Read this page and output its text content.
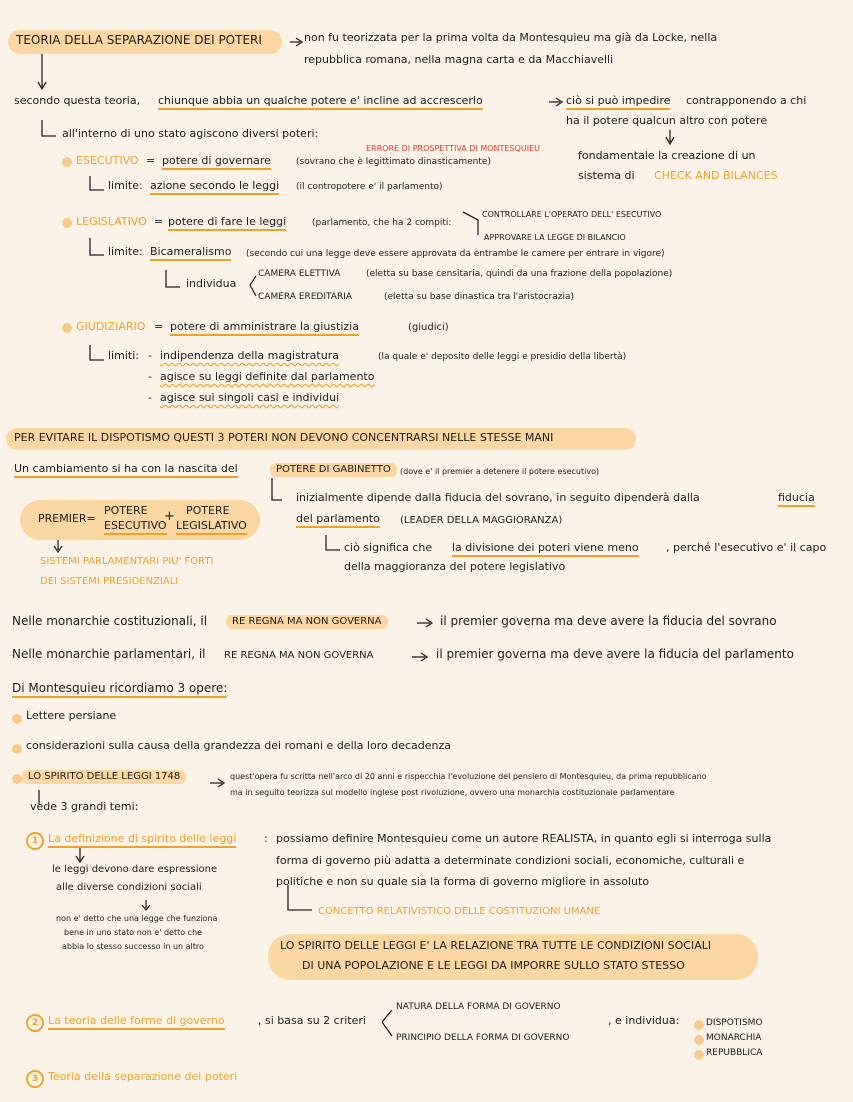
TEORIA DELLA SEPARAZIONE DEI POTERI	non fu teorizzata per la prima volta da Montesquieu ma già da Locke, nella
repubblica romana, nella magna carta e da Macchiavelli
secondo questa teoria, chiunque abbia un qualche potere e' incline ad accrescerlo	ciò si può impedire contrapponendo a chi
ha il potere qualcun altro con potere
fondamentale la creazione di un
sistema di CHECK AND BILANCES
all'interno di uno stato agiscono diversi poteri:
ERRORE DI PROSPETTIVA DI MONTESQUIEU
ESECUTIVO = potere di governare	(sovrano che è legittimato dinasticamente)
limite: azione secondo le leggi (il contropotere e' il parlamento)
LEGISLATIVO = potere di fare le leggi	(parlamento, che ha 2 compiti:
CONTROLLARE L'OPERATO DELL' ESECUTIVO
APPROVARE LA LEGGE DI BILANCIO
limite: Bicameralismo (secondo cui una legge deve essere approvata da entrambe le camere per entrare in vigore)
individua
CAMERA ELETTIVA	(eletta su base censitaria, quindi da una frazione della popolazione)
CAMERA EREDITARIA	(eletta su base dinastica tra l'aristocrazia)
GIUDIZIARIO = potere di amministrare la giustizia	(giudici)
limiti: - indipendenza della magistratura	(la quale e' deposito delle leggi e presidio della libertà)
- agisce su leggi definite dal parlamento
- agisce sui singoli casi e individui
PER EVITARE IL DISPOTISMO QUESTI 3 POTERI NON DEVONO CONCENTRARSI NELLE STESSE MANI
Un cambiamento si ha con la nascita del	POTERE DI GABINETTO	(dove e' il premier a detenere il potere esecutivo)
PREMIER=
POTERE
ESECUTIVO
+ POTERE
LEGISLATIVO
SISTEMI PARLAMENTARI PIU' FORTI
DEI SISTEMI PRESIDENZIALI
inizialmente dipende dalla fiducia del sovrano, in seguito dipenderà dalla	fiducia
del parlamento (LEADER DELLA MAGGIORANZA)
ciò significa che la divisione dei poteri viene meno , perché l'esecutivo e' il capo
della maggioranza del potere legislativo
Nelle monarchie costituzionali, il	RE REGNA MA NON GOVERNA	il premier governa ma deve avere la fiducia del sovrano
Nelle monarchie parlamentari, il RE REGNA MA NON GOVERNA	il premier governa ma deve avere la fiducia del parlamento
Di Montesquieu ricordiamo 3 opere:
Lettere persiane
considerazioni sulla causa della grandezza dei romani e della loro decadenza
LO SPIRITO DELLE LEGGI 1748	quest'opera fu scritta nell'arco di 20 anni e rispecchia l'evoluzione del pensiero di Montesquieu, da prima repubblicano
ma in seguito teorizza sul modello inglese post rivoluzione, ovvero una monarchia costituzionale parlamentare
vede 3 grandi temi:
1 La definizione di spirito delle leggi	: possiamo definire Montesquieu come un autore REALISTA, in quanto egli si interroga sulla
forma di governo più adatta a determinate condizioni sociali, economiche, culturali e
politiche e non su quale sia la forma di governo migliore in assoluto
CONCETTO RELATIVISTICO DELLE COSTITUZIONI UMANE
le leggi devono dare espressione
alle diverse condizioni sociali
non e' detto che una legge che funziona
bene in uno stato non e' detto che
abbia lo stesso successo in un altro	LO SPIRITO DELLE LEGGI E' LA RELAZIONE TRA TUTTE LE CONDIZIONI SOCIALI
DI UNA POPOLAZIONE E LE LEGGI DA IMPORRE SULLO STATO STESSO
2 La teoria delle forme di governo	, si basa su 2 criteri
NATURA DELLA FORMA DI GOVERNO
PRINCIPIO DELLA FORMA DI GOVERNO
, e individua:	DISPOTISMO
MONARCHIA
REPUBBLICA
3 Teoria della separazione dei poteri
